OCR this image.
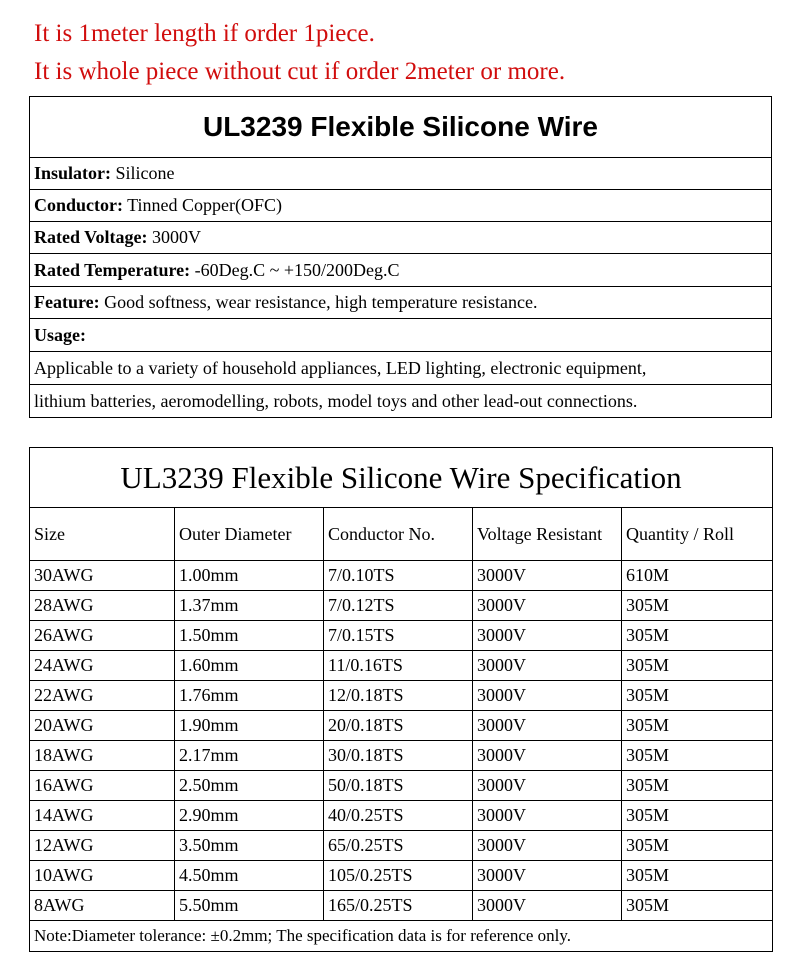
It is 1meter length if order 1piece.
It is whole piece without cut if order 2meter or more.
UL3239 Flexible Silicone Wire
Insulator: Silicone
Conductor: Tinned Copper(OFC)
Rated Voltage: 3000V
Rated Temperature: -60Deg.C ~ +150/200Deg.C
Feature: Good softness, wear resistance, high temperature resistance.
Usage:
Applicable to a variety of household appliances, LED lighting, electronic equipment,
lithium batteries, aeromodelling, robots, model toys and other lead-out connections.
UL3239 Flexible Silicone Wire Specification				
Size	Outer Diameter	Conductor No.	Voltage Resistant	Quantity / Roll
30AWG	1.00mm	7/0.10TS	3000V	610M
28AWG	1.37mm	7/0.12TS	3000V	305M
26AWG	1.50mm	7/0.15TS	3000V	305M
24AWG	1.60mm	11/0.16TS	3000V	305M
22AWG	1.76mm	12/0.18TS	3000V	305M
20AWG	1.90mm	20/0.18TS	3000V	305M
18AWG	2.17mm	30/0.18TS	3000V	305M
16AWG	2.50mm	50/0.18TS	3000V	305M
14AWG	2.90mm	40/0.25TS	3000V	305M
12AWG	3.50mm	65/0.25TS	3000V	305M
10AWG	4.50mm	105/0.25TS	3000V	305M
8AWG	5.50mm	165/0.25TS	3000V	305M
Note:Diameter tolerance: ±0.2mm; The specification data is for reference only.				
